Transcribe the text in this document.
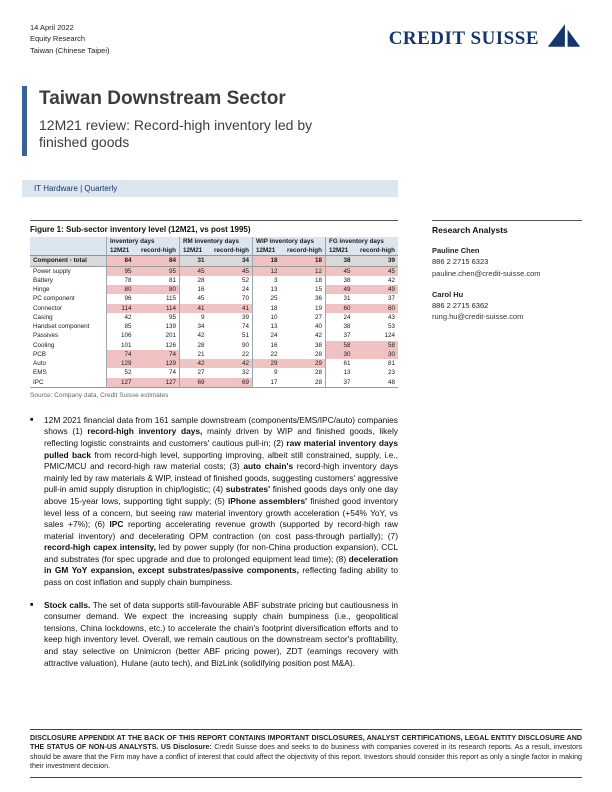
14 April 2022
Equity Research
Taiwan (Chinese Taipei)
CREDIT SUISSE
Taiwan Downstream Sector
12M21 review: Record-high inventory led by finished goods
IT Hardware | Quarterly
Figure 1: Sub-sector inventory level (12M21, vs post 1995)
	Inventory days		RM inventory days		WIP inventory days		FG inventory days	
	12M21	record-high	12M21	record-high	12M21	record-high	12M21	record-high
Component - total	84	84	31	34	18	18	38	39
Power supply	95	95	45	45	12	12	45	45
Battery	78	81	28	52	3	18	38	42
Hinge	80	80	16	24	13	15	49	49
PC component	96	115	45	70	25	36	31	37
Connector	114	114	41	41	18	19	60	60
Casing	42	95	9	39	10	27	24	43
Handset component	85	139	34	74	13	40	38	53
Passives	106	201	42	51	24	42	37	124
Cooling	101	126	28	90	16	38	58	58
PCB	74	74	21	22	22	28	30	30
Auto	129	129	42	42	29	29	61	81
EMS	52	74	27	32	9	28	13	23
IPC	127	127	69	69	17	28	37	48
Source: Company data, Credit Suisse estimates
■	12M 2021 financial data from 161 sample downstream (components/EMS/IPC/auto) companies shows (1) record-high inventory days, mainly driven by WIP and finished goods, likely reflecting logistic constraints and customers' cautious pull-in; (2) raw material inventory days pulled back from record-high level, supporting improving, albeit still constrained, supply, i.e., PMIC/MCU and record-high raw material costs; (3) auto chain's record-high inventory days mainly led by raw materials & WIP, instead of finished goods, suggesting customers' aggressive pull-in amid supply disruption in chip/logistic; (4) substrates' finished goods days only one day above 15-year lows, supporting tight supply; (5) iPhone assemblers' finished good inventory level less of a concern, but seeing raw material inventory growth acceleration (+54% YoY, vs sales +7%); (6) IPC reporting accelerating revenue growth (supported by record-high raw material inventory) and decelerating OPM contraction (on cost pass-through partially); (7) record-high capex intensity, led by power supply (for non-China production expansion), CCL and substrates (for spec upgrade and due to prolonged equipment lead time); (8) deceleration in GM YoY expansion, except substrates/passive components, reflecting fading ability to pass on cost inflation and supply chain bumpiness.
■	Stock calls. The set of data supports still-favourable ABF substrate pricing but cautiousness in consumer demand. We expect the increasing supply chain bumpiness (i.e., geopolitical tensions, China lockdowns, etc.) to accelerate the chain's footprint diversification efforts and to keep high inventory level. Overall, we remain cautious on the downstream sector's profitability, and stay selective on Unimicron (better ABF pricing power), ZDT (earnings recovery with attractive valuation), Hulane (auto tech), and BizLink (solidifying position post M&A).
Research Analysts
Pauline Chen
886 2 2715 6323
pauline.chen@credit-suisse.com
Carol Hu
886 2 2715 6362
rung.hu@credit-suisse.com

DISCLOSURE APPENDIX AT THE BACK OF THIS REPORT CONTAINS IMPORTANT DISCLOSURES, ANALYST CERTIFICATIONS, LEGAL ENTITY DISCLOSURE AND THE STATUS OF NON-US ANALYSTS. US Disclosure: Credit Suisse does and seeks to do business with companies covered in its research reports. As a result, investors should be aware that the Firm may have a conflict of interest that could affect the objectivity of this report. Investors should consider this report as only a single factor in making their investment decision.
